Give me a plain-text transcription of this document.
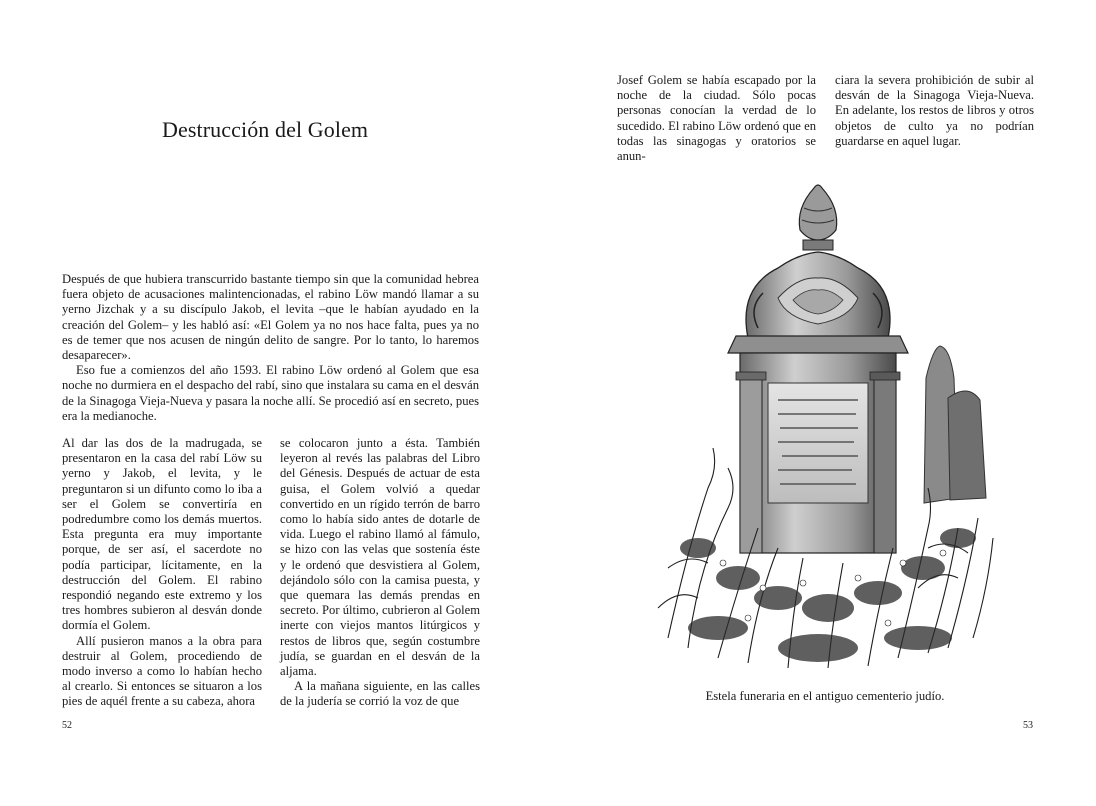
Destrucción del Golem

Después de que hubiera transcurrido bastante tiempo sin que la comunidad hebrea fuera objeto de acusaciones malintencionadas, el rabino Löw mandó llamar a su yerno Jizchak y a su discípulo Jakob, el levita –que le habían ayudado en la creación del Golem– y les habló así: «El Golem ya no nos hace falta, pues ya no es de temer que nos acusen de ningún delito de sangre. Por lo tanto, lo haremos desaparecer».

Eso fue a comienzos del año 1593. El rabino Löw ordenó al Golem que esa noche no durmiera en el despacho del rabí, sino que instalara su cama en el desván de la Sinagoga Vieja-Nueva y pasara la noche allí. Se procedió así en secreto, pues era la medianoche.

Al dar las dos de la madrugada, se presentaron en la casa del rabí Löw su yerno y Jakob, el levita, y le preguntaron si un difunto como lo iba a ser el Golem se convertiría en podredumbre como los demás muertos. Esta pregunta era muy importante porque, de ser así, el sacerdote no podía participar, lícitamente, en la destrucción del Golem. El rabino respondió negando este extremo y los tres hombres subieron al desván donde dormía el Golem.

Allí pusieron manos a la obra para destruir al Golem, procediendo de modo inverso a como lo habían hecho al crearlo. Si entonces se situaron a los pies de aquél frente a su cabeza, ahora

se colocaron junto a ésta. También leyeron al revés las palabras del Libro del Génesis. Después de actuar de esta guisa, el Golem volvió a quedar convertido en un rígido terrón de barro como lo había sido antes de dotarle de vida. Luego el rabino llamó al fámulo, se hizo con las velas que sostenía éste y le ordenó que desvistiera al Golem, dejándolo sólo con la camisa puesta, y que quemara las demás prendas en secreto. Por último, cubrieron al Golem inerte con viejos mantos litúrgicos y restos de libros que, según costumbre judía, se guardan en el desván de la aljama.

A la mañana siguiente, en las calles de la judería se corrió la voz de que

52

Josef Golem se había escapado por la noche de la ciudad. Sólo pocas personas conocían la verdad de lo sucedido. El rabino Löw ordenó que en todas las sinagogas y oratorios se anun-

ciara la severa prohibición de subir al desván de la Sinagoga Vieja-Nueva. En adelante, los restos de libros y otros objetos de culto ya no podrían guardarse en aquel lugar.

Estela funeraria en el antiguo cementerio judío.
53
